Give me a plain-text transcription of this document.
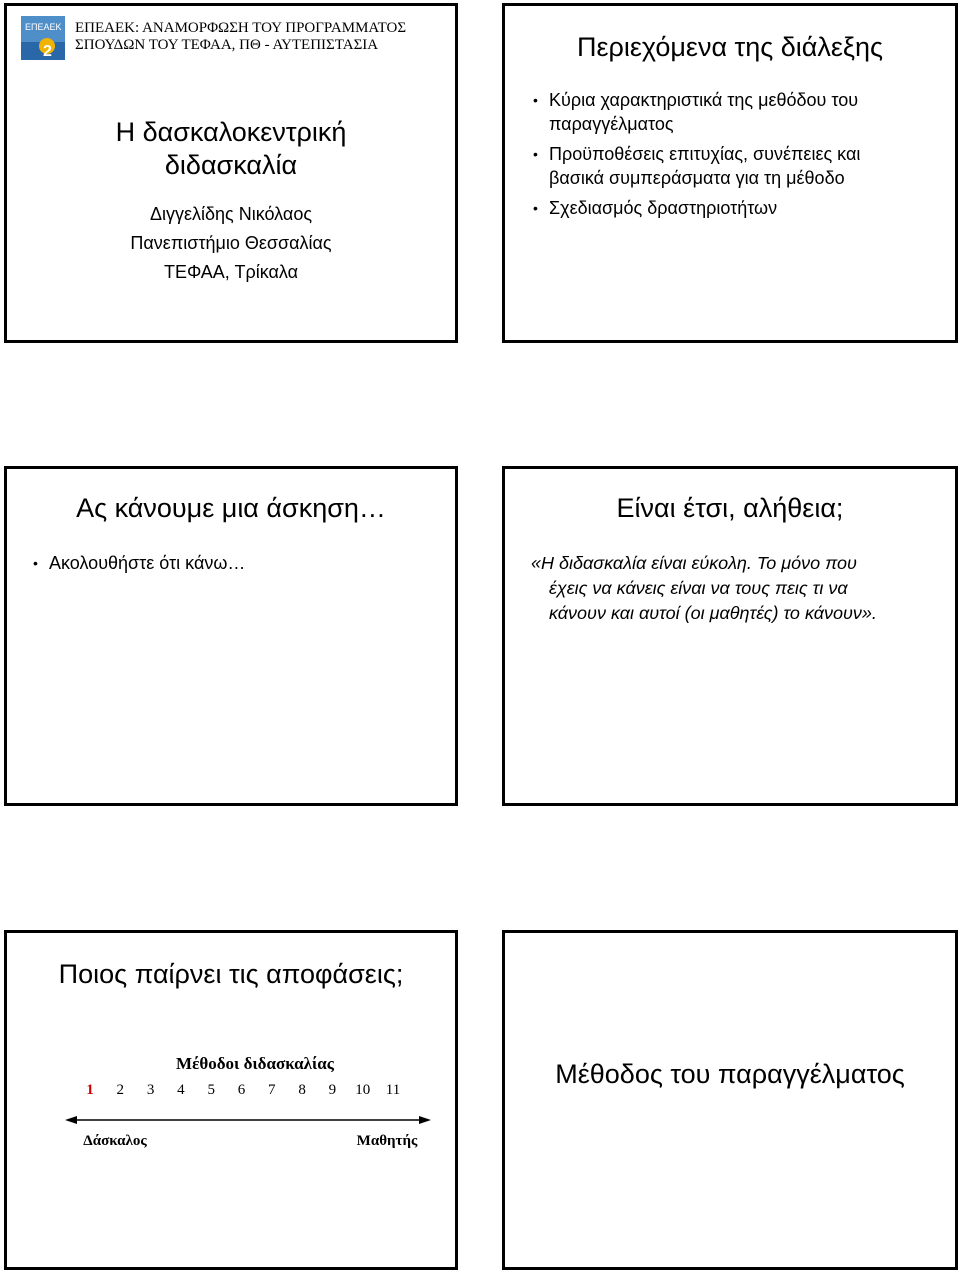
ΕΠΕΑΕΚ
2
ΕΠΕΑΕΚ: ΑΝΑΜΟΡΦΩΣΗ ΤΟΥ ΠΡΟΓΡΑΜΜΑΤΟΣ
ΣΠΟΥΔΩΝ ΤΟΥ ΤΕΦΑΑ, ΠΘ - ΑΥΤΕΠΙΣΤΑΣΙΑ
Η δασκαλοκεντρική
διδασκαλία
Διγγελίδης Νικόλαος
Πανεπιστήμιο Θεσσαλίας
ΤΕΦΑΑ, Τρίκαλα
Περιεχόμενα της διάλεξης
• Κύρια χαρακτηριστικά της μεθόδου του
παραγγέλματος
• Προϋποθέσεις επιτυχίας, συνέπειες και
βασικά συμπεράσματα για τη μέθοδο
• Σχεδιασμός δραστηριοτήτων
Ας κάνουμε μια άσκηση…
• Ακολουθήστε ότι κάνω…
Είναι έτσι, αλήθεια;
«Η διδασκαλία είναι εύκολη. Το μόνο που
έχεις να κάνεις είναι να τους πεις τι να
κάνουν και αυτοί (οι μαθητές) το κάνουν».
Ποιος παίρνει τις αποφάσεις;
Μέθοδοι διδασκαλίας
1 2 3 4 5 6 7 8 9 10 11
Δάσκαλος	Μαθητής
Μέθοδος του παραγγέλματος
